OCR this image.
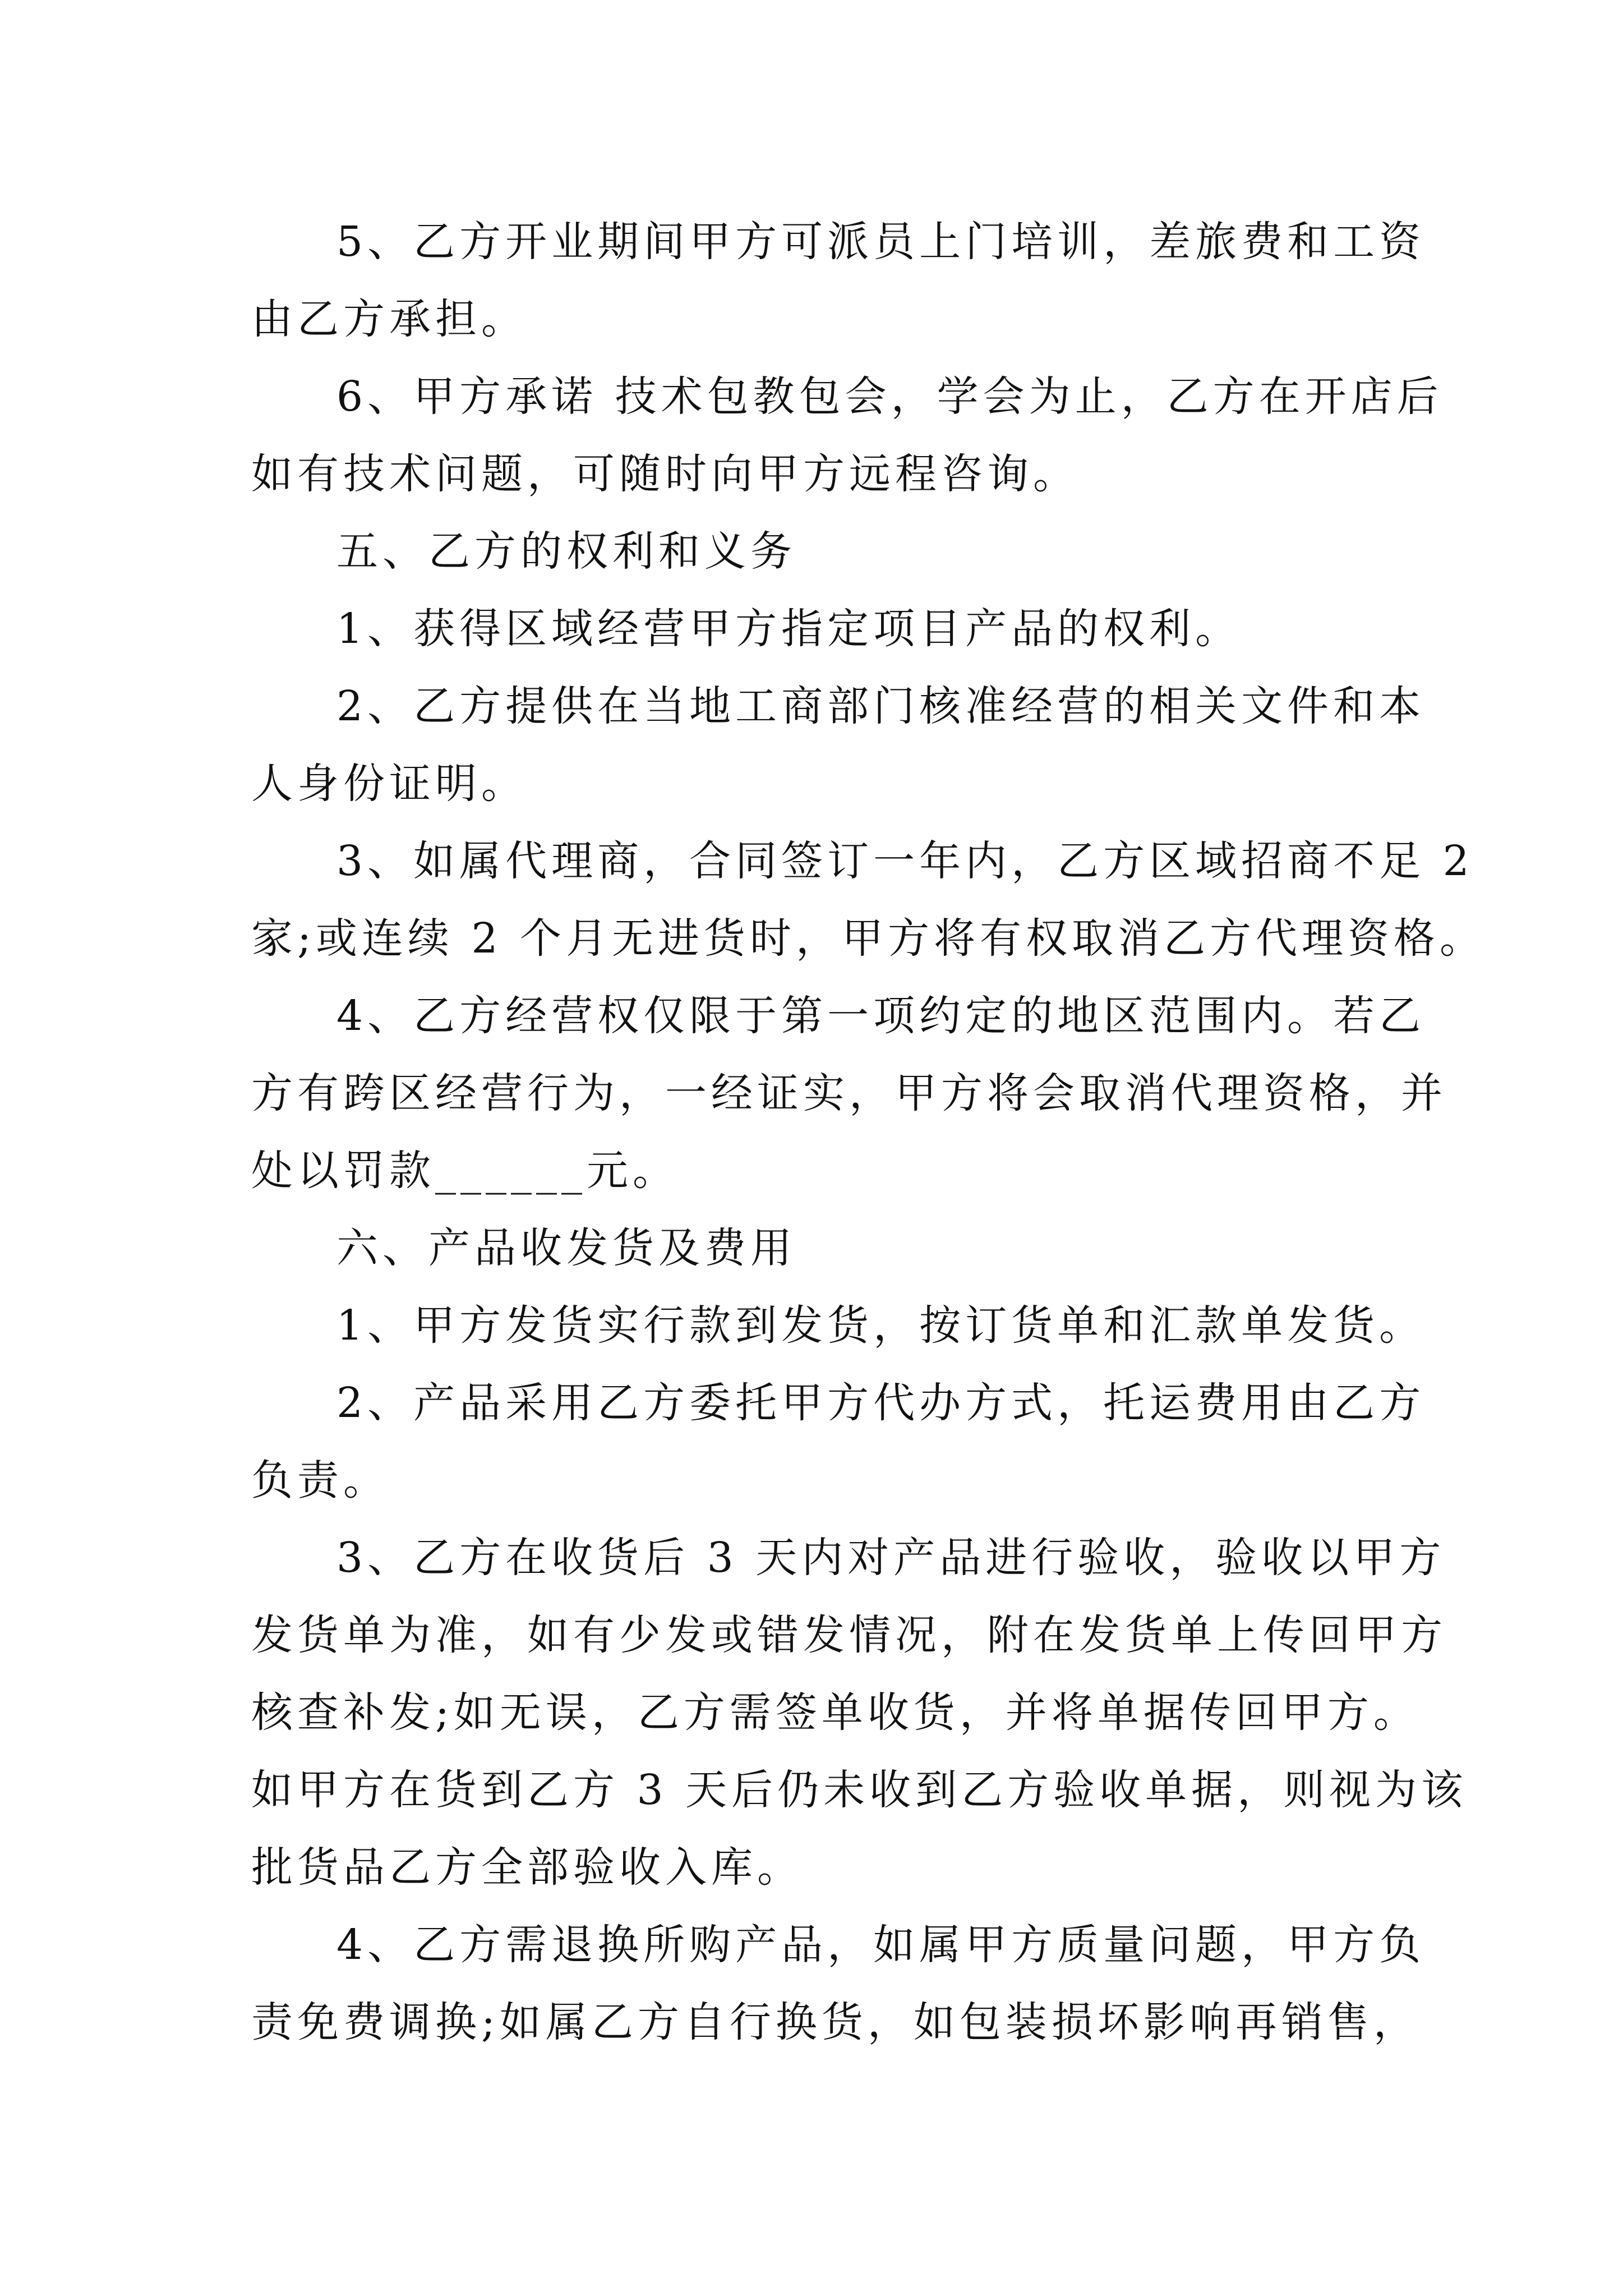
5、乙方开业期间甲方可派员上门培训，差旅费和工资
由乙方承担。
6、甲方承诺 技术包教包会，学会为止，乙方在开店后
如有技术问题，可随时向甲方远程咨询。
五、乙方的权利和义务
1、获得区域经营甲方指定项目产品的权利。
2、乙方提供在当地工商部门核准经营的相关文件和本
人身份证明。
3、如属代理商，合同签订一年内，乙方区域招商不足 2
家;或连续 2 个月无进货时，甲方将有权取消乙方代理资格。
4、乙方经营权仅限于第一项约定的地区范围内。若乙
方有跨区经营行为，一经证实，甲方将会取消代理资格，并
处以罚款______元。
六、产品收发货及费用
1、甲方发货实行款到发货，按订货单和汇款单发货。
2、产品采用乙方委托甲方代办方式，托运费用由乙方
负责。
3、乙方在收货后 3 天内对产品进行验收，验收以甲方
发货单为准，如有少发或错发情况，附在发货单上传回甲方
核查补发;如无误，乙方需签单收货，并将单据传回甲方。
如甲方在货到乙方 3 天后仍未收到乙方验收单据，则视为该
批货品乙方全部验收入库。
4、乙方需退换所购产品，如属甲方质量问题，甲方负
责免费调换;如属乙方自行换货，如包装损坏影响再销售，
